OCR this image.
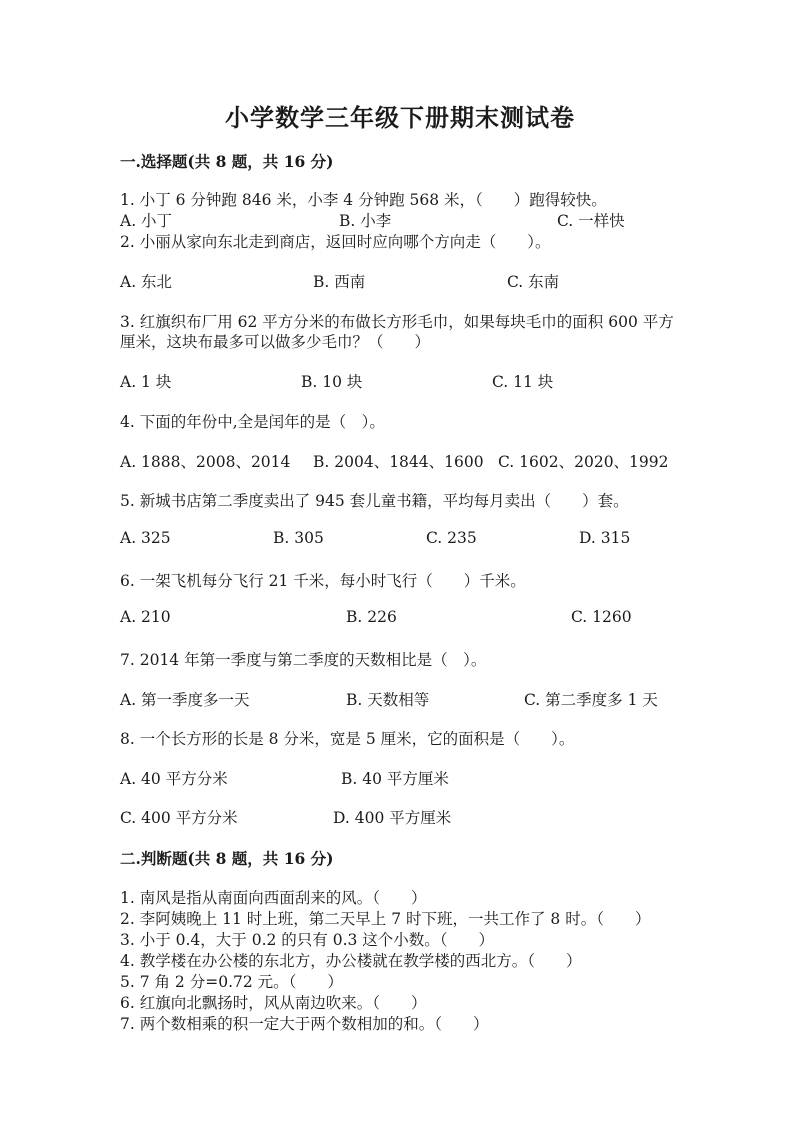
小学数学三年级下册期末测试卷
一.选择题(共 8 题，共 16 分)
1. 小丁 6 分钟跑 846 米，小李 4 分钟跑 568 米，（　　）跑得较快。
A. 小丁	B. 小李	C. 一样快
2. 小丽从家向东北走到商店，返回时应向哪个方向走（　　）。
A. 东北	B. 西南	C. 东南
3. 红旗织布厂用 62 平方分米的布做长方形毛巾，如果每块毛巾的面积 600 平方
厘米，这块布最多可以做多少毛巾？（　　）
A. 1 块	B. 10 块	C. 11 块
4. 下面的年份中,全是闰年的是（　）。
A. 1888、2008、2014 B. 2004、1844、1600 C. 1602、2020、1992
5. 新城书店第二季度卖出了 945 套儿童书籍，平均每月卖出（　　）套。
A. 325	B. 305	C. 235	D. 315
6. 一架飞机每分飞行 21 千米，每小时飞行（　　）千米。
A. 210	B. 226	C. 1260
7. 2014 年第一季度与第二季度的天数相比是（　）。
A. 第一季度多一天	B. 天数相等	C. 第二季度多 1 天
8. 一个长方形的长是 8 分米，宽是 5 厘米，它的面积是（　　）。
A. 40 平方分米	B. 40 平方厘米
C. 400 平方分米	D. 400 平方厘米
二.判断题(共 8 题，共 16 分)
1. 南风是指从南面向西面刮来的风。（　　）
2. 李阿姨晚上 11 时上班，第二天早上 7 时下班，一共工作了 8 时。（　　）
3. 小于 0.4，大于 0.2 的只有 0.3 这个小数。（　　）
4. 教学楼在办公楼的东北方，办公楼就在教学楼的西北方。（　　）
5. 7 角 2 分=0.72 元。（　　）
6. 红旗向北飘扬时，风从南边吹来。（　　）
7. 两个数相乘的积一定大于两个数相加的和。（　　）
